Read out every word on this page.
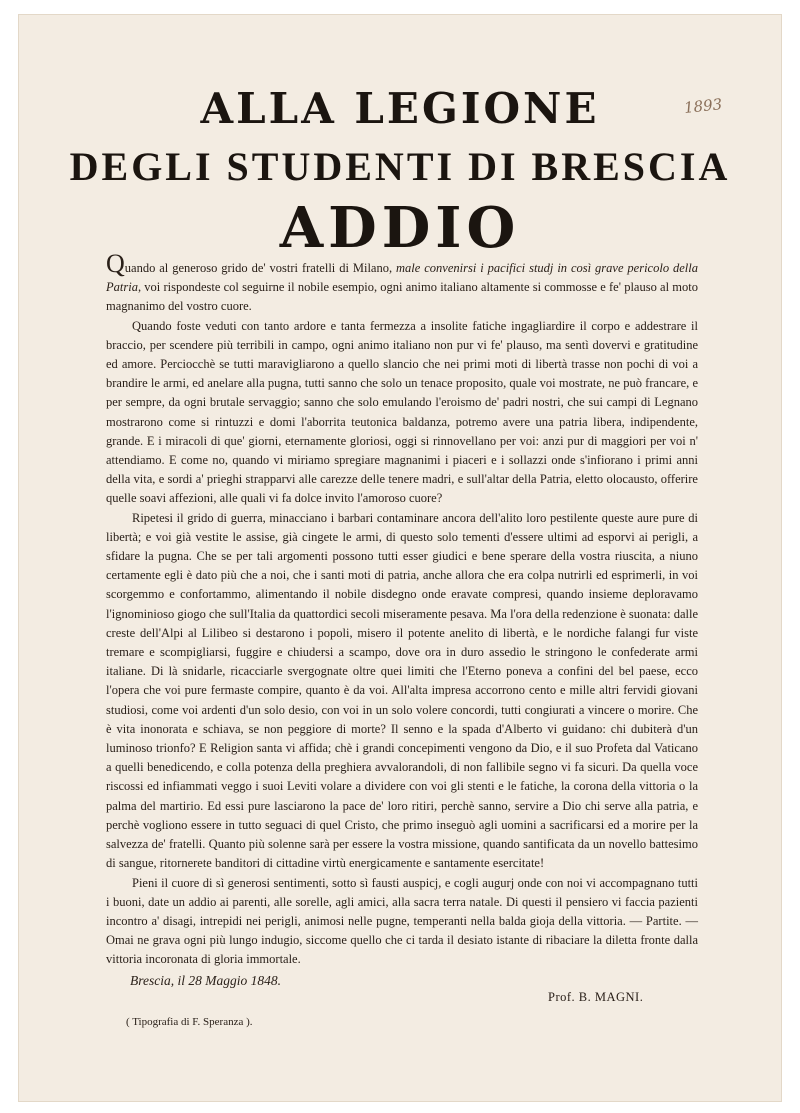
1893
ALLA LEGIONE
DEGLI STUDENTI DI BRESCIA
ADDIO

Quando al generoso grido de' vostri fratelli di Milano, male convenirsi i pacifici studj in così grave pericolo della Patria, voi rispondeste col seguirne il nobile esempio, ogni animo italiano altamente si commosse e fe' plauso al moto magnanimo del vostro cuore.

Quando foste veduti con tanto ardore e tanta fermezza a insolite fatiche ingagliardire il corpo e addestrare il braccio, per scendere più terribili in campo, ogni animo italiano non pur vi fe' plauso, ma sentì dovervi e gratitudine ed amore. Perciocchè se tutti maravigliarono a quello slancio che nei primi moti di libertà trasse non pochi di voi a brandire le armi, ed anelare alla pugna, tutti sanno che solo un tenace proposito, quale voi mostrate, ne può francare, e per sempre, da ogni brutale servaggio; sanno che solo emulando l'eroismo de' padri nostri, che sui campi di Legnano mostrarono come si rintuzzi e domi l'aborrita teutonica baldanza, potremo avere una patria libera, indipendente, grande. E i miracoli di que' giorni, eternamente gloriosi, oggi si rinnovellano per voi: anzi pur di maggiori per voi n' attendiamo. E come no, quando vi miriamo spregiare magnanimi i piaceri e i sollazzi onde s'infiorano i primi anni della vita, e sordi a' prieghi strapparvi alle carezze delle tenere madri, e sull'altar della Patria, eletto olocausto, offerire quelle soavi affezioni, alle quali vi fa dolce invito l'amoroso cuore?

Ripetesi il grido di guerra, minacciano i barbari contaminare ancora dell'alito loro pestilente queste aure pure di libertà; e voi già vestite le assise, già cingete le armi, di questo solo tementi d'essere ultimi ad esporvi ai perigli, a sfidare la pugna. Che se per tali argomenti possono tutti esser giudici e bene sperare della vostra riuscita, a niuno certamente egli è dato più che a noi, che i santi moti di patria, anche allora che era colpa nutrirli ed esprimerli, in voi scorgemmo e confortammo, alimentando il nobile disdegno onde eravate compresi, quando insieme deploravamo l'ignominioso giogo che sull'Italia da quattordici secoli miseramente pesava. Ma l'ora della redenzione è suonata: dalle creste dell'Alpi al Lilibeo si destarono i popoli, misero il potente anelito di libertà, e le nordiche falangi fur viste tremare e scompigliarsi, fuggire e chiudersi a scampo, dove ora in duro assedio le stringono le confederate armi italiane. Di là snidarle, ricacciarle svergognate oltre quei limiti che l'Eterno poneva a confini del bel paese, ecco l'opera che voi pure fermaste compire, quanto è da voi. All'alta impresa accorrono cento e mille altri fervidi giovani studiosi, come voi ardenti d'un solo desio, con voi in un solo volere concordi, tutti congiurati a vincere o morire. Che è vita inonorata e schiava, se non peggiore di morte? Il senno e la spada d'Alberto vi guidano: chi dubiterà d'un luminoso trionfo? E Religion santa vi affida; chè i grandi concepimenti vengono da Dio, e il suo Profeta dal Vaticano a quelli benedicendo, e colla potenza della preghiera avvalorandoli, di non fallibile segno vi fa sicuri. Da quella voce riscossi ed infiammati veggo i suoi Leviti volare a dividere con voi gli stenti e le fatiche, la corona della vittoria o la palma del martirio. Ed essi pure lasciarono la pace de' loro ritiri, perchè sanno, servire a Dio chi serve alla patria, e perchè vogliono essere in tutto seguaci di quel Cristo, che primo inseguò agli uomini a sacrificarsi ed a morire per la salvezza de' fratelli. Quanto più solenne sarà per essere la vostra missione, quando santificata da un novello battesimo di sangue, ritornerete banditori di cittadine virtù energicamente e santamente esercitate!

Pieni il cuore di sì generosi sentimenti, sotto sì fausti auspicj, e cogli augurj onde con noi vi accompagnano tutti i buoni, date un addio ai parenti, alle sorelle, agli amici, alla sacra terra natale. Di questi il pensiero vi faccia pazienti incontro a' disagi, intrepidi nei perigli, animosi nelle pugne, temperanti nella balda gioja della vittoria. — Partite. — Omai ne grava ogni più lungo indugio, siccome quello che ci tarda il desiato istante di ribaciare la diletta fronte dalla vittoria incoronata di gloria immortale.

Brescia, il 28 Maggio 1848.
Prof. B. MAGNI.
( Tipografia di F. Speranza ).
